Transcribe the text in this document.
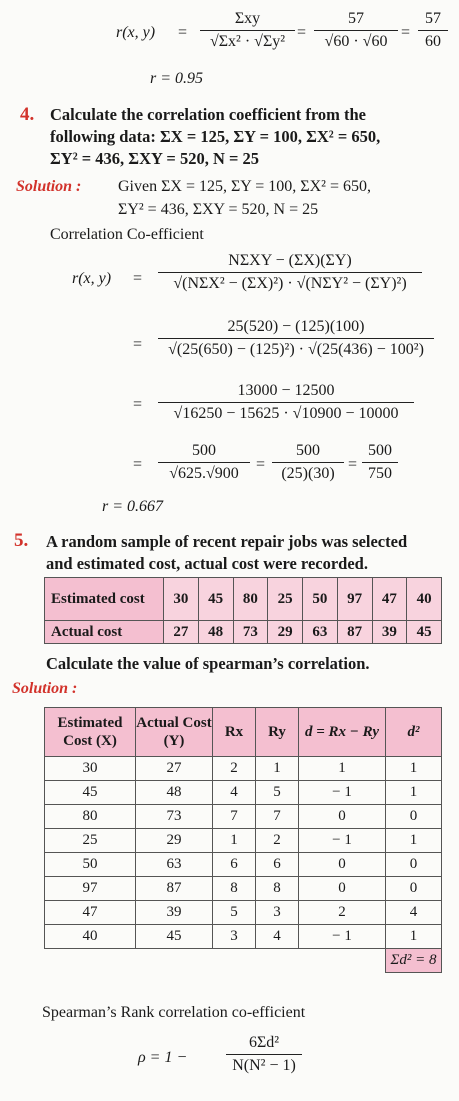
r(x, y) =
Σxy
√Σx² · √Σy²
= $\frac{57}{√60 \cdot √60} = \frac{57}{60}$
r = 0.95
4. Calculate the correlation coefficient from the
following data: ΣX = 125, ΣY = 100, ΣX² = 650,
ΣY² = 436, ΣXY = 520, N = 25
Solution : Given ΣX = 125, ΣY = 100, ΣX² = 650,
ΣY² = 436, ΣXY = 520, N = 25
Correlation Co-efficient
r(x, y) =
NΣXY − (ΣX)(ΣY)
√(NΣX² − (ΣX)²) · √(NΣY² − (ΣY)²)
= $\frac{25(520) - (125)(100)}{\text{√(25(650) − (125)²) · √(25(436) − 100²)}}$
= $\frac{13000 - 12500}{√16250 - 15625 \cdot √10900 - 10000}$
= $\frac{500}{√625.√900} = \frac{500}{(25)(30)} = \frac{500}{750}$
r = 0.667
5. A random sample of recent repair jobs was selected
and estimated cost, actual cost were recorded.
Estimated cost	30	45	80	25	50	97	47	40
Actual cost	27	48	73	29	63	87	39	45
Calculate the value of spearman’s correlation.
Solution :
Estimated Cost (X)	Actual Cost (Y)	Rx	Ry	d = Rx − Ry	d²
30	27	2	1	1	1
45	48	4	5	− 1	1
80	73	7	7	0	0
25	29	1	2	− 1	1
50	63	6	6	0	0
97	87	8	8	0	0
47	39	5	3	2	4
40	45	3	4	− 1	1
					Σd² = 8
Spearman’s Rank correlation co-efficient
$\rho = 1 - \frac{\text{6Σd²}}{\text{N(N² − 1)}}$
